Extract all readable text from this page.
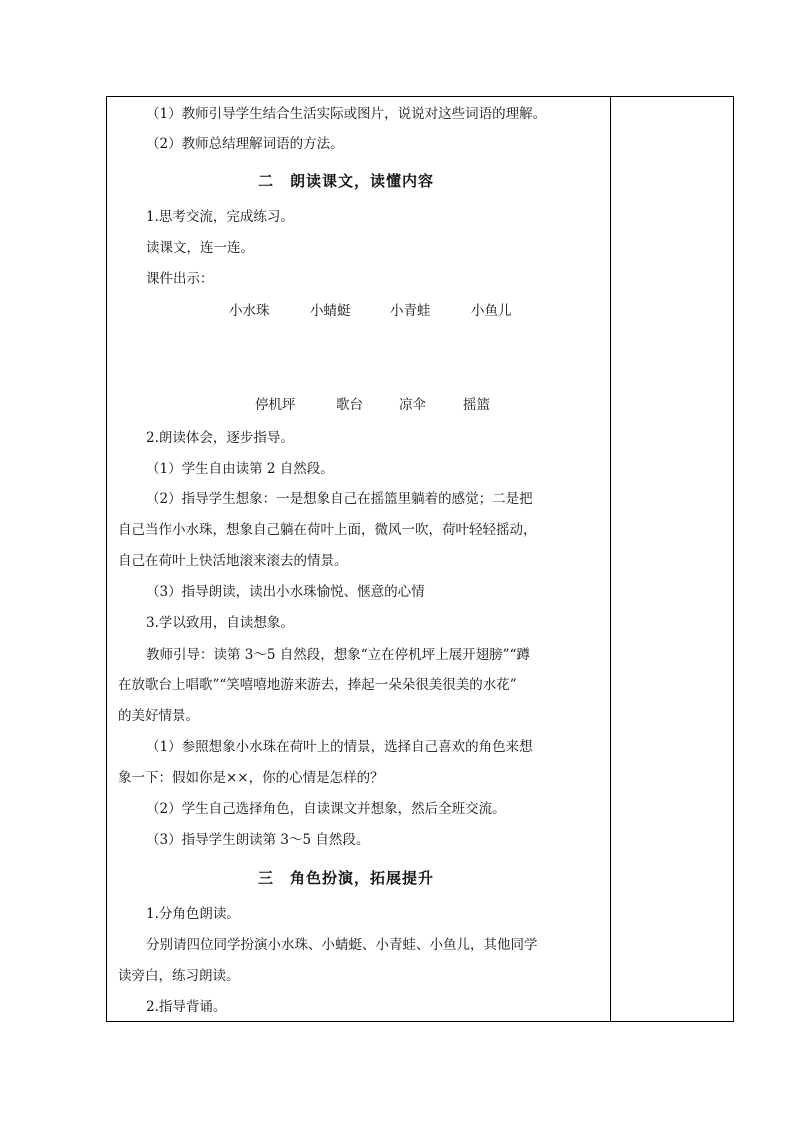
（1）教师引导学生结合生活实际或图片，说说对这些词语的理解。
（2）教师总结理解词语的方法。
二　朗读课文，读懂内容
1.思考交流，完成练习。
读课文，连一连。
课件出示：
小水珠	小蜻蜓	小青蛙	小鱼儿
停机坪	歌台	凉伞	摇篮
2.朗读体会，逐步指导。
（1）学生自由读第 2 自然段。
（2）指导学生想象：一是想象自己在摇篮里躺着的感觉；二是把
自己当作小水珠，想象自己躺在荷叶上面，微风一吹，荷叶轻轻摇动，
自己在荷叶上快活地滚来滚去的情景。
（3）指导朗读，读出小水珠愉悦、惬意的心情
3.学以致用，自读想象。
教师引导：读第 3～5 自然段，想象“立在停机坪上展开翅膀”“蹲
在放歌台上唱歌”“笑嘻嘻地游来游去，捧起一朵朵很美很美的水花”
的美好情景。
（1）参照想象小水珠在荷叶上的情景，选择自己喜欢的角色来想
象一下：假如你是××，你的心情是怎样的？
（2）学生自己选择角色，自读课文并想象，然后全班交流。
（3）指导学生朗读第 3～5 自然段。
三　角色扮演，拓展提升
1.分角色朗读。
分别请四位同学扮演小水珠、小蜻蜓、小青蛙、小鱼儿，其他同学
读旁白，练习朗读。
2.指导背诵。
